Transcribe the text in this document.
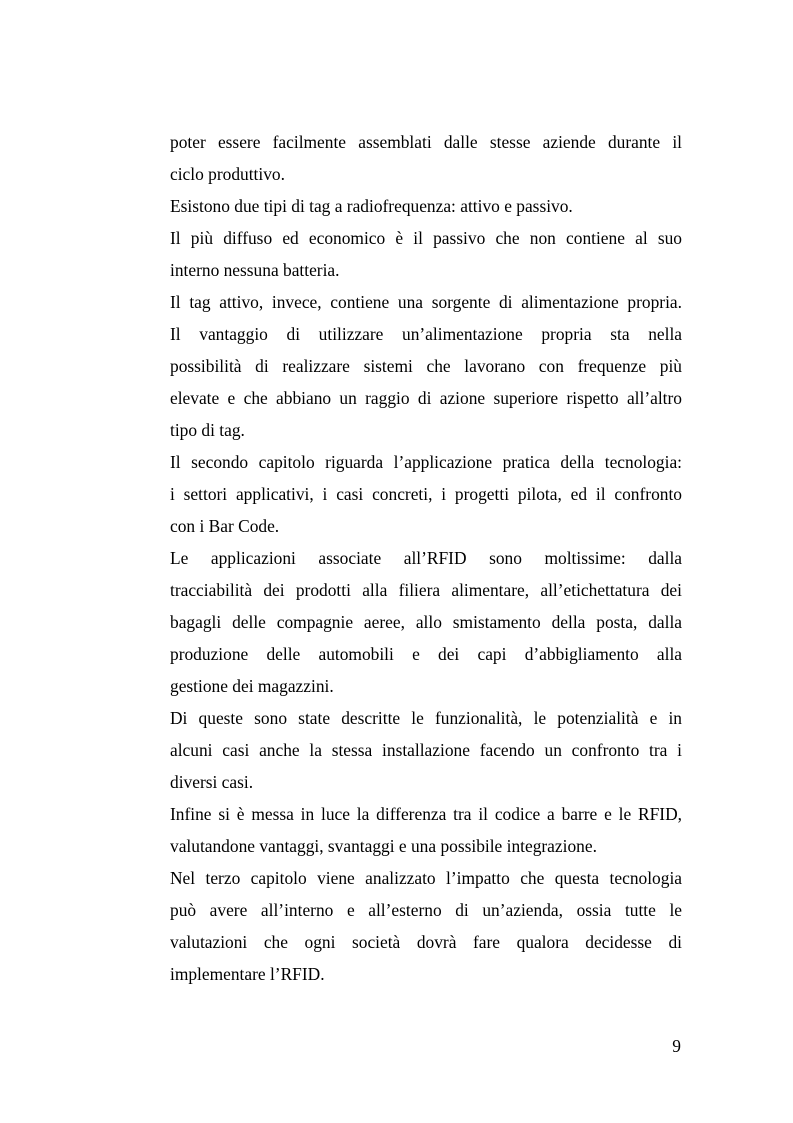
poter essere facilmente assemblati dalle stesse aziende durante il
ciclo produttivo.
Esistono due tipi di tag a radiofrequenza: attivo e passivo.
Il più diffuso ed economico è il passivo che non contiene al suo
interno nessuna batteria.
Il tag attivo, invece, contiene una sorgente di alimentazione propria.
Il vantaggio di utilizzare un’alimentazione propria sta nella
possibilità di realizzare sistemi che lavorano con frequenze più
elevate e che abbiano un raggio di azione superiore rispetto all’altro
tipo di tag.
Il secondo capitolo riguarda l’applicazione pratica della tecnologia:
i settori applicativi, i casi concreti, i progetti pilota, ed il confronto
con i Bar Code.
Le applicazioni associate all’RFID sono moltissime: dalla
tracciabilità dei prodotti alla filiera alimentare, all’etichettatura dei
bagagli delle compagnie aeree, allo smistamento della posta, dalla
produzione delle automobili e dei capi d’abbigliamento alla
gestione dei magazzini.
Di queste sono state descritte le funzionalità, le potenzialità e in
alcuni casi anche la stessa installazione facendo un confronto tra i
diversi casi.
Infine si è messa in luce la differenza tra il codice a barre e le RFID,
valutandone vantaggi, svantaggi e una possibile integrazione.
Nel terzo capitolo viene analizzato l’impatto che questa tecnologia
può avere all’interno e all’esterno di un’azienda, ossia tutte le
valutazioni che ogni società dovrà fare qualora decidesse di
implementare l’RFID.
9
